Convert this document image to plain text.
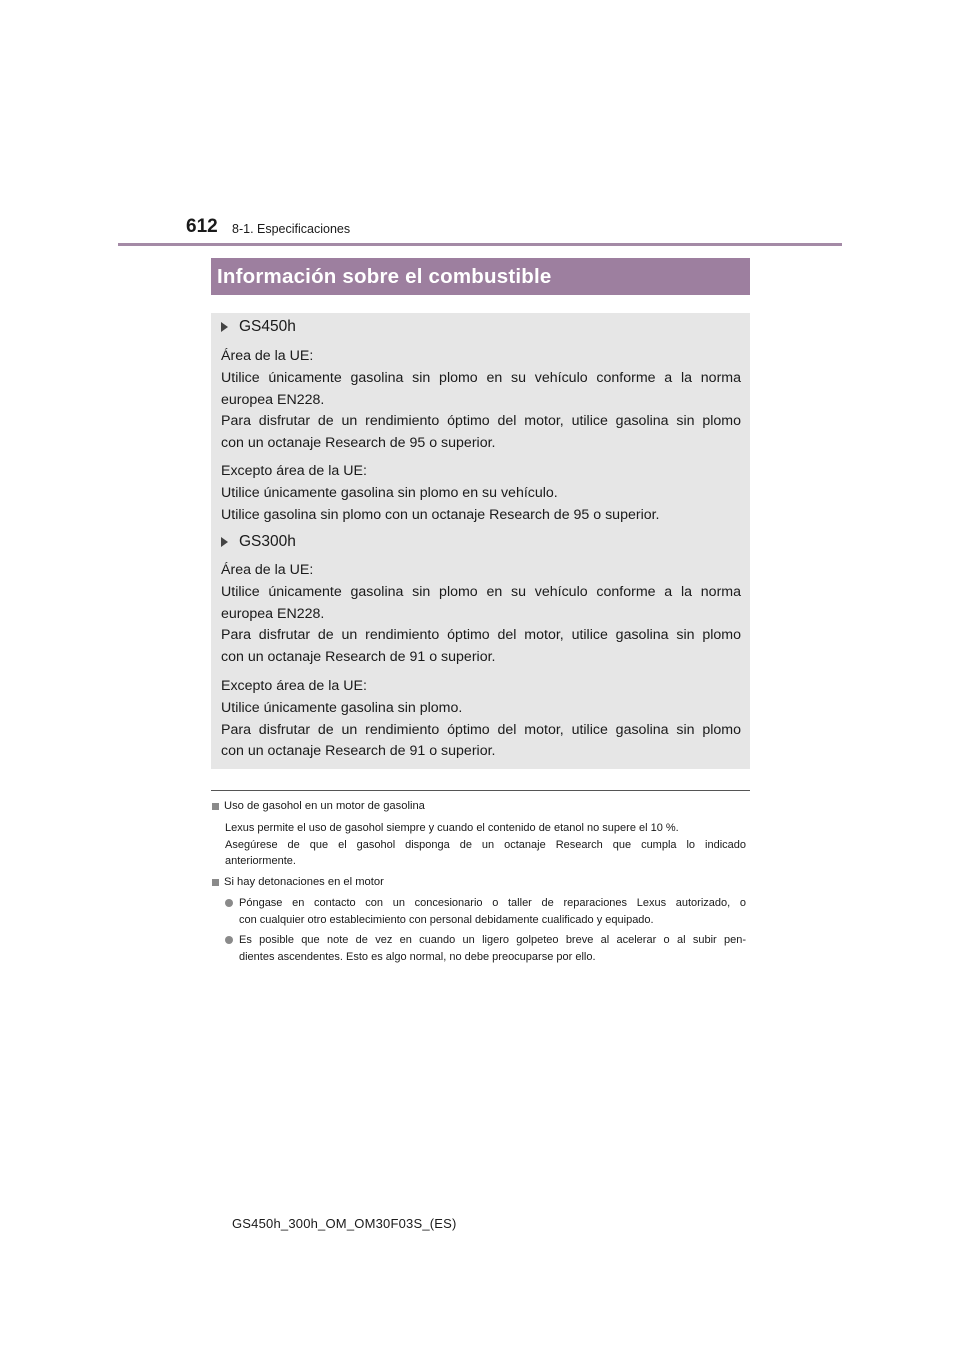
612 8-1. Especificaciones
Información sobre el combustible
GS450h
Área de la UE:
Utilice únicamente gasolina sin plomo en su vehículo conforme a la norma
europea EN228.
Para disfrutar de un rendimiento óptimo del motor, utilice gasolina sin plomo
con un octanaje Research de 95 o superior.
Excepto área de la UE:
Utilice únicamente gasolina sin plomo en su vehículo.
Utilice gasolina sin plomo con un octanaje Research de 95 o superior.
GS300h
Área de la UE:
Utilice únicamente gasolina sin plomo en su vehículo conforme a la norma
europea EN228.
Para disfrutar de un rendimiento óptimo del motor, utilice gasolina sin plomo
con un octanaje Research de 91 o superior.
Excepto área de la UE:
Utilice únicamente gasolina sin plomo.
Para disfrutar de un rendimiento óptimo del motor, utilice gasolina sin plomo
con un octanaje Research de 91 o superior.
Uso de gasohol en un motor de gasolina
Lexus permite el uso de gasohol siempre y cuando el contenido de etanol no supere el 10 %.
Asegúrese de que el gasohol disponga de un octanaje Research que cumpla lo indicado
anteriormente.
Si hay detonaciones en el motor
Póngase en contacto con un concesionario o taller de reparaciones Lexus autorizado, o
con cualquier otro establecimiento con personal debidamente cualificado y equipado.
Es posible que note de vez en cuando un ligero golpeteo breve al acelerar o al subir pen-
dientes ascendentes. Esto es algo normal, no debe preocuparse por ello.
GS450h_300h_OM_OM30F03S_(ES)
